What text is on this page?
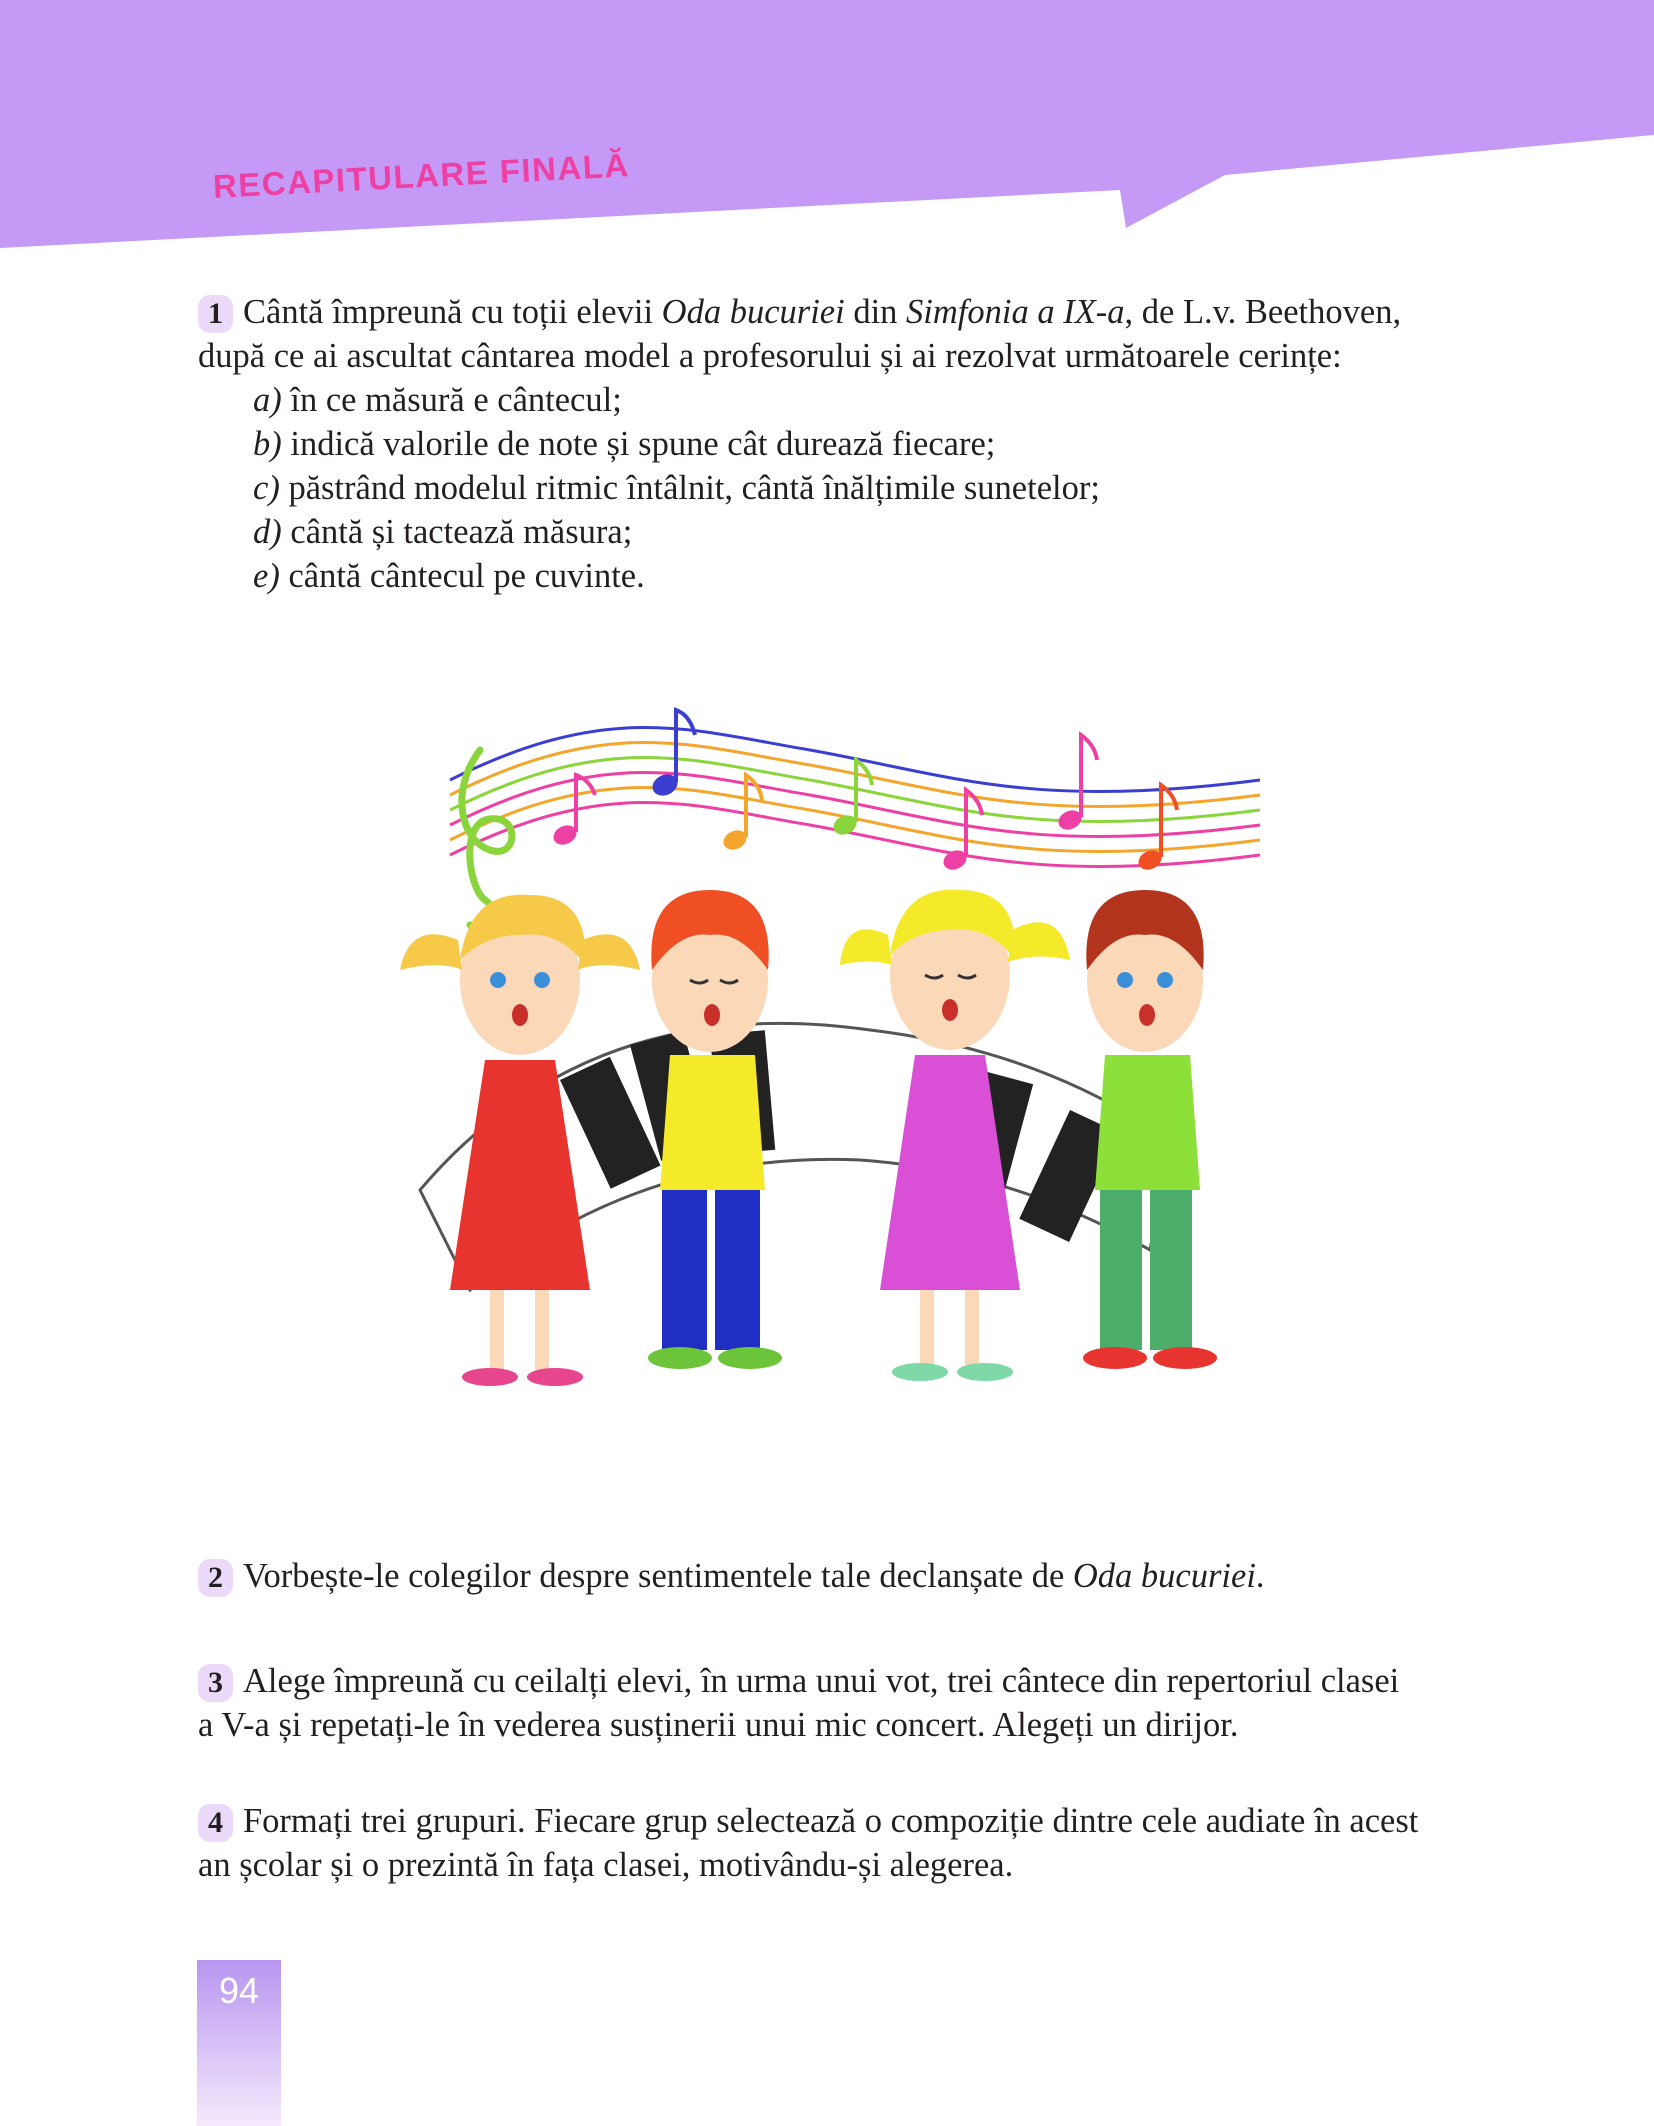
RECAPITULARE FINALĂ
1 Cântă împreună cu toții elevii Oda bucuriei din Simfonia a IX-a, de L.v. Beethoven,
după ce ai ascultat cântarea model a profesorului și ai rezolvat următoarele cerințe:
a) în ce măsură e cântecul;
b) indică valorile de note și spune cât durează fiecare;
c) păstrând modelul ritmic întâlnit, cântă înălțimile sunetelor;
d) cântă și tactează măsura;
e) cântă cântecul pe cuvinte.
2 Vorbește-le colegilor despre sentimentele tale declanșate de Oda bucuriei.
3 Alege împreună cu ceilalți elevi, în urma unui vot, trei cântece din repertoriul clasei
a V-a și repetați-le în vederea susținerii unui mic concert. Alegeți un dirijor.
4 Formați trei grupuri. Fiecare grup selectează o compoziție dintre cele audiate în acest
an școlar și o prezintă în fața clasei, motivându-și alegerea.
94
